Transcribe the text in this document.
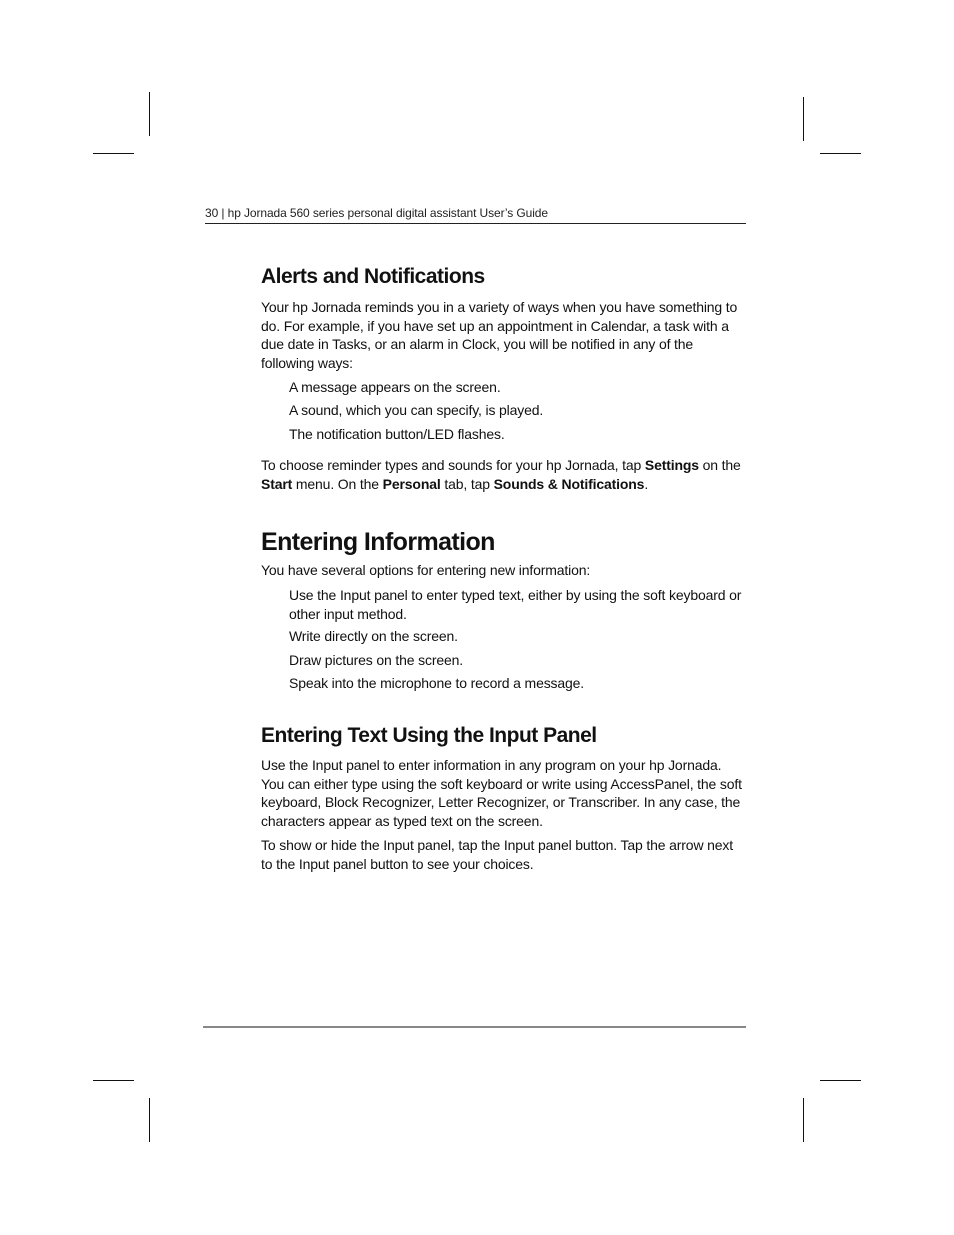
30 | hp Jornada 560 series personal digital assistant User’s Guide
Alerts and Notifications

Your hp Jornada reminds you in a variety of ways when you have something to do. For example, if you have set up an appointment in Calendar, a task with a due date in Tasks, or an alarm in Clock, you will be notified in any of the following ways:

A message appears on the screen.
A sound, which you can specify, is played.
The notification button/LED flashes.

To choose reminder types and sounds for your hp Jornada, tap Settings on the Start menu. On the Personal tab, tap Sounds & Notifications.

Entering Information

You have several options for entering new information:

Use the Input panel to enter typed text, either by using the soft keyboard or other input method.
Write directly on the screen.
Draw pictures on the screen.
Speak into the microphone to record a message.
Entering Text Using the Input Panel

Use the Input panel to enter information in any program on your hp Jornada. You can either type using the soft keyboard or write using AccessPanel, the soft keyboard, Block Recognizer, Letter Recognizer, or Transcriber. In any case, the characters appear as typed text on the screen.

To show or hide the Input panel, tap the Input panel button. Tap the arrow next to the Input panel button to see your choices.
